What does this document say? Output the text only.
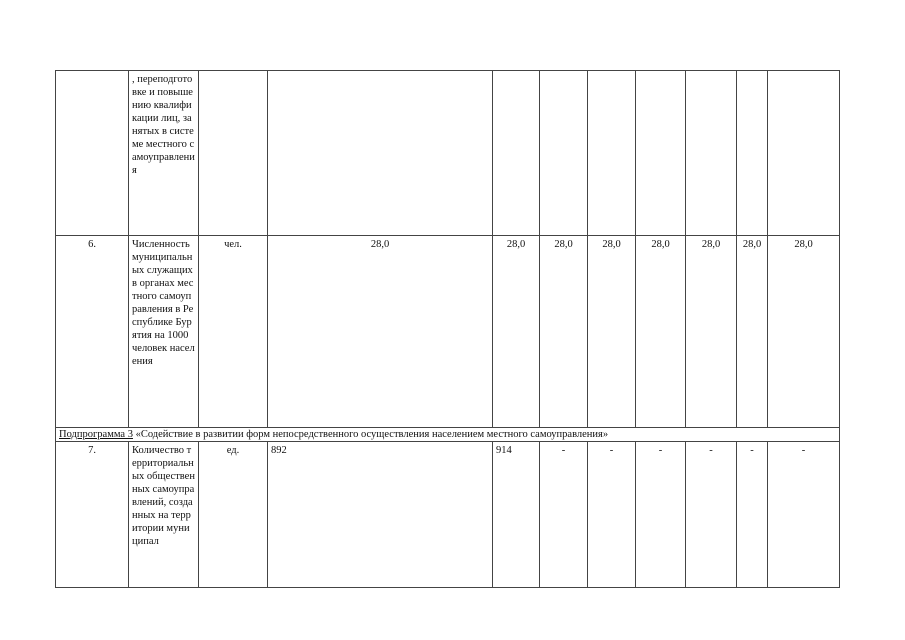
	, переподготовке и повышению квалификации лиц, занятых в системе местного самоуправления									
6.	Численность муниципальных служащих в органах местного самоуправления в Республике Бурятия на 1000 человек населения	чел.	28,0	28,0	28,0	28,0	28,0	28,0	28,0	28,0
Подпрограмма 3 «Содействие в развитии форм непосредственного осуществления населением местного самоуправления»										
7.	Количество территориальных общественных самоуправлений, созданных на территории муниципал	ед.	892	914	-	-	-	-	-	-
